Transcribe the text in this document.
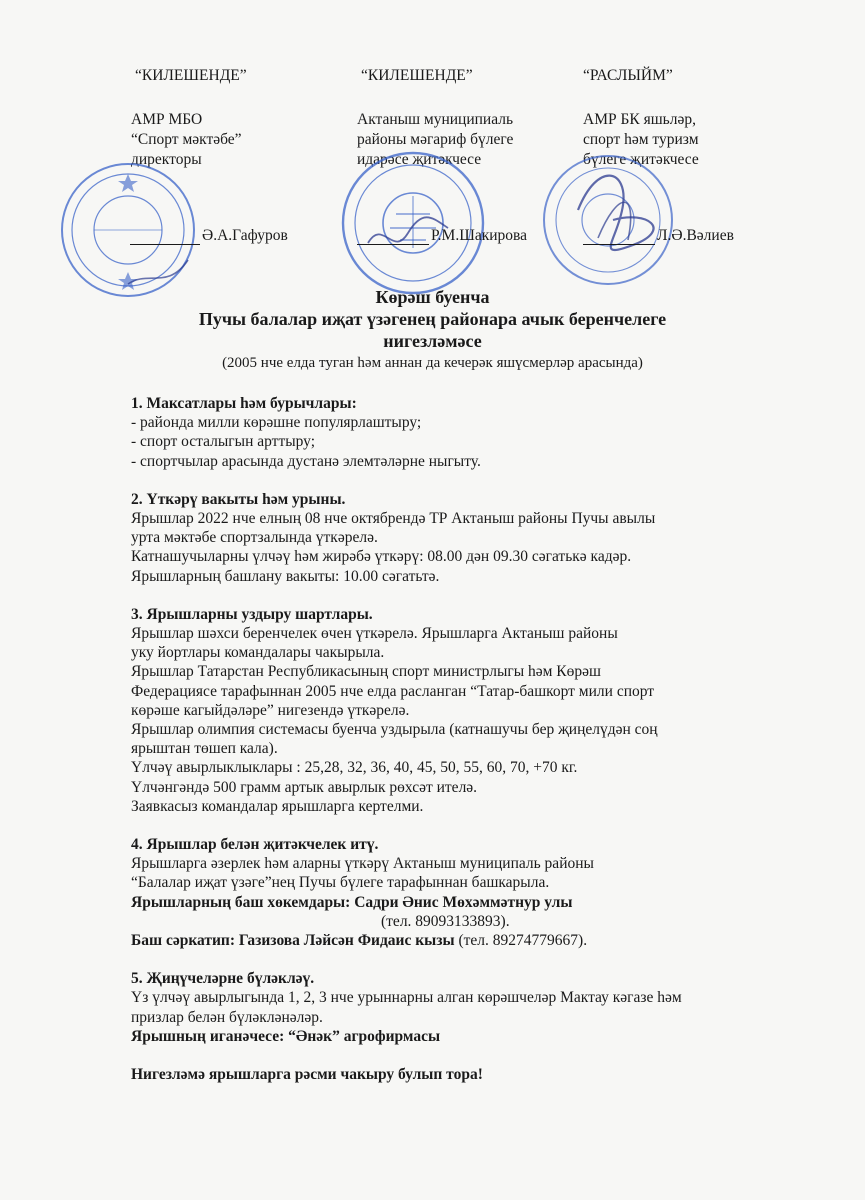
“КИЛЕШЕНДЕ”
АМР МБО
“Спорт мәктәбе”
директоры
“КИЛЕШЕНДЕ”
Актаныш муниципиаль
районы мәгариф бүлеге
идарәсе җитәкчесе
“РАСЛЫЙМ”
АМР БК яшьләр,
спорт һәм туризм
бүлеге җитәкчесе
Ә.А.Гафуров	Р.М.Шакирова	Л.Ә.Вәлиев
Көрәш буенча
Пучы балалар иҗат үзәгенең районара ачык беренчелеге
нигезләмәсе
(2005 нче елда туган һәм аннан да кечерәк яшүсмерләр арасында)
1. Максатлары һәм бурычлары:
- районда милли көрәшне популярлаштыру;
- спорт осталыгын арттыру;
- спортчылар арасында дустанә элемтәләрне ныгыту.
2. Үткәрү вакыты һәм урыны.
Ярышлар 2022 нче елның 08 нче октябрендә ТР Актаныш районы Пучы авылы
урта мәктәбе спортзалында үткәрелә.
Катнашучыларны үлчәү һәм жирәбә үткәрү: 08.00 дән 09.30 сәгатькә кадәр.
Ярышларның башлану вакыты: 10.00 сәгатьтә.
3. Ярышларны уздыру шартлары.
Ярышлар шәхси беренчелек өчен үткәрелә. Ярышларга Актаныш районы
уку йортлары командалары чакырыла.
Ярышлар Татарстан Республикасының спорт министрлыгы һәм Көрәш
Федерациясе тарафыннан 2005 нче елда расланган “Татар-башкорт мили спорт
көрәше кагыйдәләре” нигезендә үткәрелә.
Ярышлар олимпия системасы буенча уздырыла (катнашучы бер җиңелүдән соң
ярыштан төшеп кала).
Үлчәү авырлыклыклары : 25,28, 32, 36, 40, 45, 50, 55, 60, 70, +70 кг.
Үлчәнгәндә 500 грамм артык авырлык рөхсәт ителә.
Заявкасыз командалар ярышларга кертелми.
4. Ярышлар белән җитәкчелек итү.
Ярышларга әзерлек һәм аларны үткәрү Актаныш муниципаль районы
“Балалар иҗат үзәге”нең Пучы бүлеге тарафыннан башкарыла.
Ярышларның баш хөкемдары: Садри Әнис Мөхәммәтнур улы
(тел. 89093133893).
Баш сәркатип: Газизова Ләйсән Фидаис кызы (тел. 89274779667).
5. Җиңүчеләрне бүләкләү.
Үз үлчәү авырлыгында 1, 2, 3 нче урыннарны алган көрәшчеләр Мактау кәгазе һәм
призлар белән бүләкләнәләр.
Ярышның иганәчесе: “Әнәк” агрофирмасы
Нигезләмә ярышларга рәсми чакыру булып тора!
